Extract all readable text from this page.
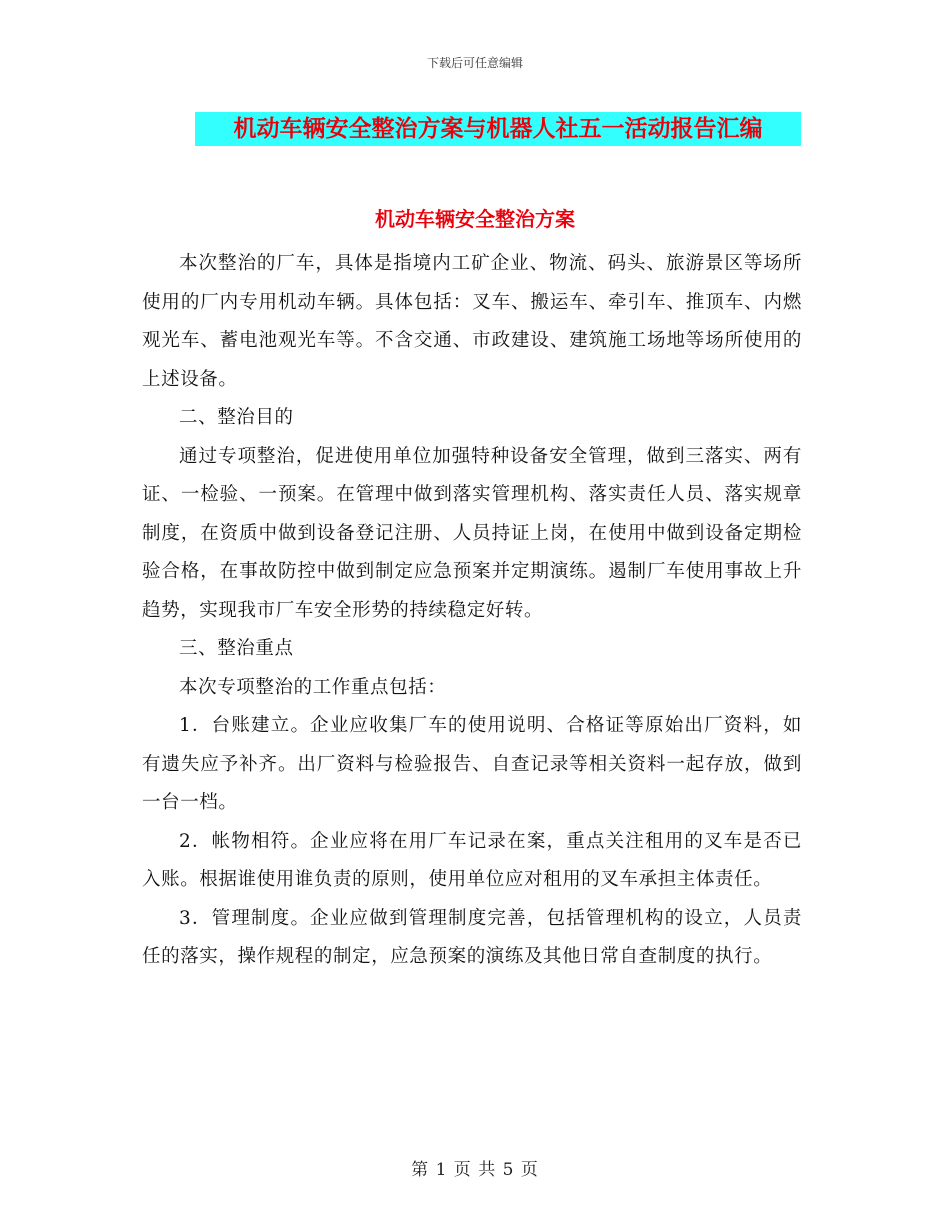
下载后可任意编辑
机动车辆安全整治方案与机器人社五一活动报告汇编
机动车辆安全整治方案

本次整治的厂车，具体是指境内工矿企业、物流、码头、旅游景区等场所使用的厂内专用机动车辆。具体包括：叉车、搬运车、牵引车、推顶车、内燃观光车、蓄电池观光车等。不含交通、市政建设、建筑施工场地等场所使用的上述设备。

二、整治目的

通过专项整治，促进使用单位加强特种设备安全管理，做到三落实、两有证、一检验、一预案。在管理中做到落实管理机构、落实责任人员、落实规章制度，在资质中做到设备登记注册、人员持证上岗，在使用中做到设备定期检验合格，在事故防控中做到制定应急预案并定期演练。遏制厂车使用事故上升趋势，实现我市厂车安全形势的持续稳定好转。

三、整治重点

本次专项整治的工作重点包括：

1．台账建立。企业应收集厂车的使用说明、合格证等原始出厂资料，如有遗失应予补齐。出厂资料与检验报告、自查记录等相关资料一起存放，做到一台一档。

2．帐物相符。企业应将在用厂车记录在案，重点关注租用的叉车是否已入账。根据谁使用谁负责的原则，使用单位应对租用的叉车承担主体责任。

3．管理制度。企业应做到管理制度完善，包括管理机构的设立，人员责任的落实，操作规程的制定，应急预案的演练及其他日常自查制度的执行。

第 1 页 共 5 页
